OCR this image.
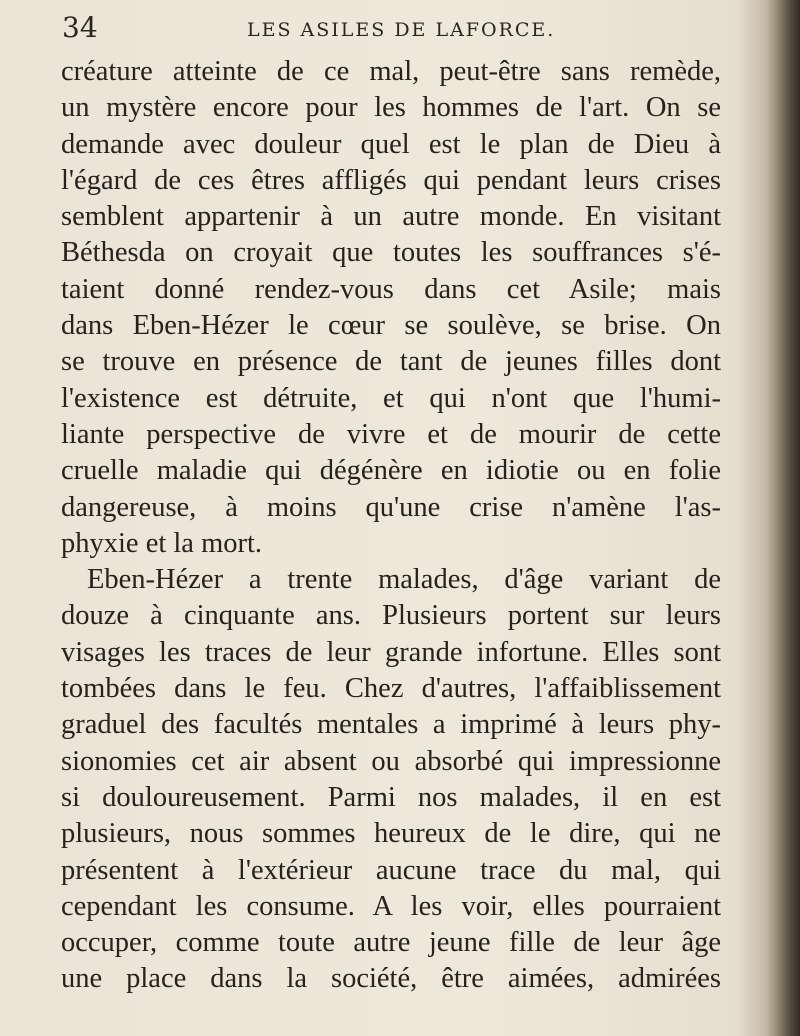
34	LES ASILES DE LAFORCE.
créature atteinte de ce mal, peut-être sans remède,
un mystère encore pour les hommes de l'art. On se
demande avec douleur quel est le plan de Dieu à
l'égard de ces êtres affligés qui pendant leurs crises
semblent appartenir à un autre monde. En visitant
Béthesda on croyait que toutes les souffrances s'é-
taient donné rendez-vous dans cet Asile; mais
dans Eben-Hézer le cœur se soulève, se brise. On
se trouve en présence de tant de jeunes filles dont
l'existence est détruite, et qui n'ont que l'humi-
liante perspective de vivre et de mourir de cette
cruelle maladie qui dégénère en idiotie ou en folie
dangereuse, à moins qu'une crise n'amène l'as-
phyxie et la mort.
Eben-Hézer a trente malades, d'âge variant de
douze à cinquante ans. Plusieurs portent sur leurs
visages les traces de leur grande infortune. Elles sont
tombées dans le feu. Chez d'autres, l'affaiblissement
graduel des facultés mentales a imprimé à leurs phy-
sionomies cet air absent ou absorbé qui impressionne
si douloureusement. Parmi nos malades, il en est
plusieurs, nous sommes heureux de le dire, qui ne
présentent à l'extérieur aucune trace du mal, qui
cependant les consume. A les voir, elles pourraient
occuper, comme toute autre jeune fille de leur âge
une place dans la société, être aimées, admirées
